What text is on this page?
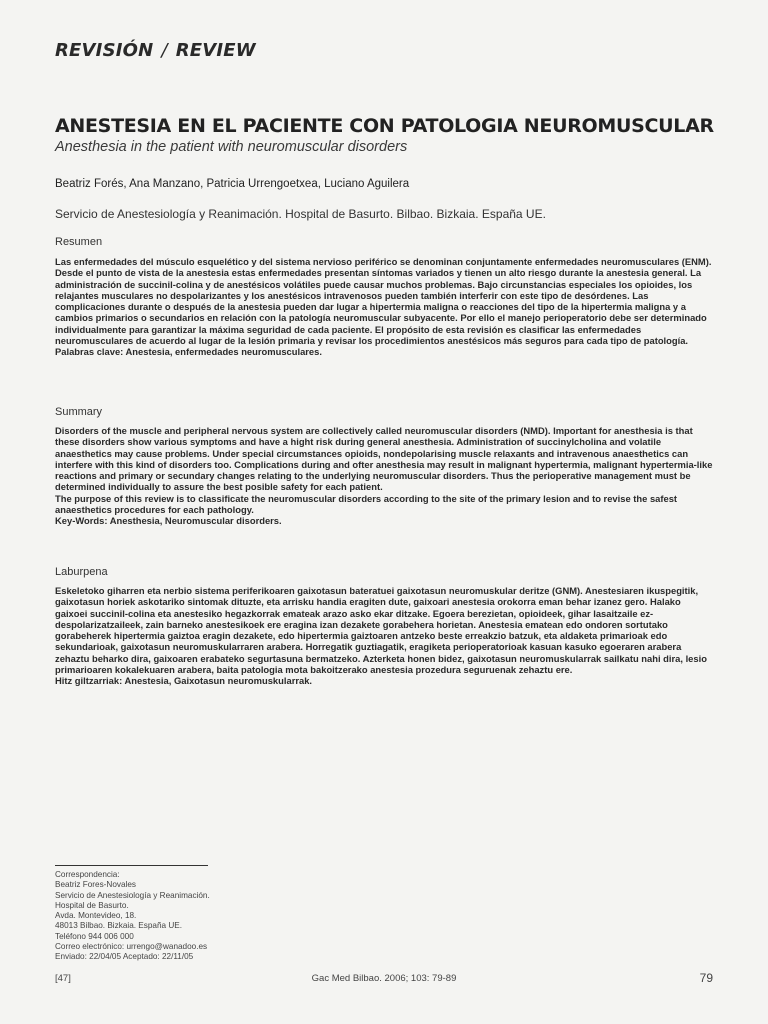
REVISIÓN / REVIEW
ANESTESIA EN EL PACIENTE CON PATOLOGIA NEUROMUSCULAR
Anesthesia in the patient with neuromuscular disorders
Beatriz Forés, Ana Manzano, Patricia Urrengoetxea, Luciano Aguilera
Servicio de Anestesiología y Reanimación. Hospital de Basurto. Bilbao. Bizkaia. España UE.
Resumen

Las enfermedades del músculo esquelético y del sistema nervioso periférico se denominan conjuntamente enfermedades neuromusculares (ENM). Desde el punto de vista de la anestesia estas enfermedades presentan síntomas variados y tienen un alto riesgo durante la anestesia general. La administración de succinil-colina y de anestésicos volátiles puede causar muchos problemas. Bajo circunstancias especiales los opioides, los relajantes musculares no despolarizantes y los anestésicos intravenosos pueden también interferir con este tipo de desórdenes. Las complicaciones durante o después de la anestesia pueden dar lugar a hipertermia maligna o reacciones del tipo de la hipertermia maligna y a cambios primarios o secundarios en relación con la patología neuromuscular subyacente. Por ello el manejo perioperatorio debe ser determinado individualmente para garantizar la máxima seguridad de cada paciente. El propósito de esta revisión es clasificar las enfermedades neuromusculares de acuerdo al lugar de la lesión primaria y revisar los procedimientos anestésicos más seguros para cada tipo de patología.

Palabras clave: Anestesia, enfermedades neuromusculares.

Summary

Disorders of the muscle and peripheral nervous system are collectively called neuromuscular disorders (NMD). Important for anesthesia is that these disorders show various symptoms and have a hight risk during general anesthesia. Administration of succinylcholina and volatile anaesthetics may cause problems. Under special circumstances opioids, nondepolarising muscle relaxants and intravenous anaesthetics can interfere with this kind of disorders too. Complications during and ofter anesthesia may result in malignant hypertermia, malignant hypertermia-like reactions and primary or secundary changes relating to the underlying neuromuscular disorders. Thus the perioperative management must be determined individually to assure the best posible safety for each patient.

The purpose of this review is to classificate the neuromuscular disorders according to the site of the primary lesion and to revise the safest anaesthetics procedures for each pathology.

Key-Words: Anesthesia, Neuromuscular disorders.

Laburpena

Eskeletoko giharren eta nerbio sistema periferikoaren gaixotasun bateratuei gaixotasun neuromuskular deritze (GNM). Anestesiaren ikuspegitik, gaixotasun horiek askotariko sintomak dituzte, eta arrisku handia eragiten dute, gaixoari anestesia orokorra eman behar izanez gero. Halako gaixoei succinil-colina eta anestesiko hegazkorrak emateak arazo asko ekar ditzake. Egoera berezietan, opioideek, gihar lasaitzaile ez-despolarizatzaileek, zain barneko anestesikoek ere eragina izan dezakete gorabehera horietan. Anestesia ematean edo ondoren sortutako gorabeherek hipertermia gaiztoa eragin dezakete, edo hipertermia gaiztoaren antzeko beste erreakzio batzuk, eta aldaketa primarioak edo sekundarioak, gaixotasun neuromuskularraren arabera. Horregatik guztiagatik, eragiketa perioperatorioak kasuan kasuko egoeraren arabera zehaztu beharko dira, gaixoaren erabateko segurtasuna bermatzeko. Azterketa honen bidez, gaixotasun neuromuskularrak sailkatu nahi dira, lesio primarioaren kokalekuaren arabera, baita patologia mota bakoitzerako anestesia prozedura seguruenak zehaztu ere.

Hitz giltzarriak: Anestesia, Gaixotasun neuromuskularrak.

Correspondencia:
Beatriz Fores-Novales
Servicio de Anestesiología y Reanimación.
Hospital de Basurto.
Avda. Montevideo, 18.
48013 Bilbao. Bizkaia. España UE.
Teléfono 944 006 000
Correo electrónico: urrengo@wanadoo.es
Enviado: 22/04/05 Aceptado: 22/11/05
[47]	Gac Med Bilbao. 2006; 103: 79-89	79
